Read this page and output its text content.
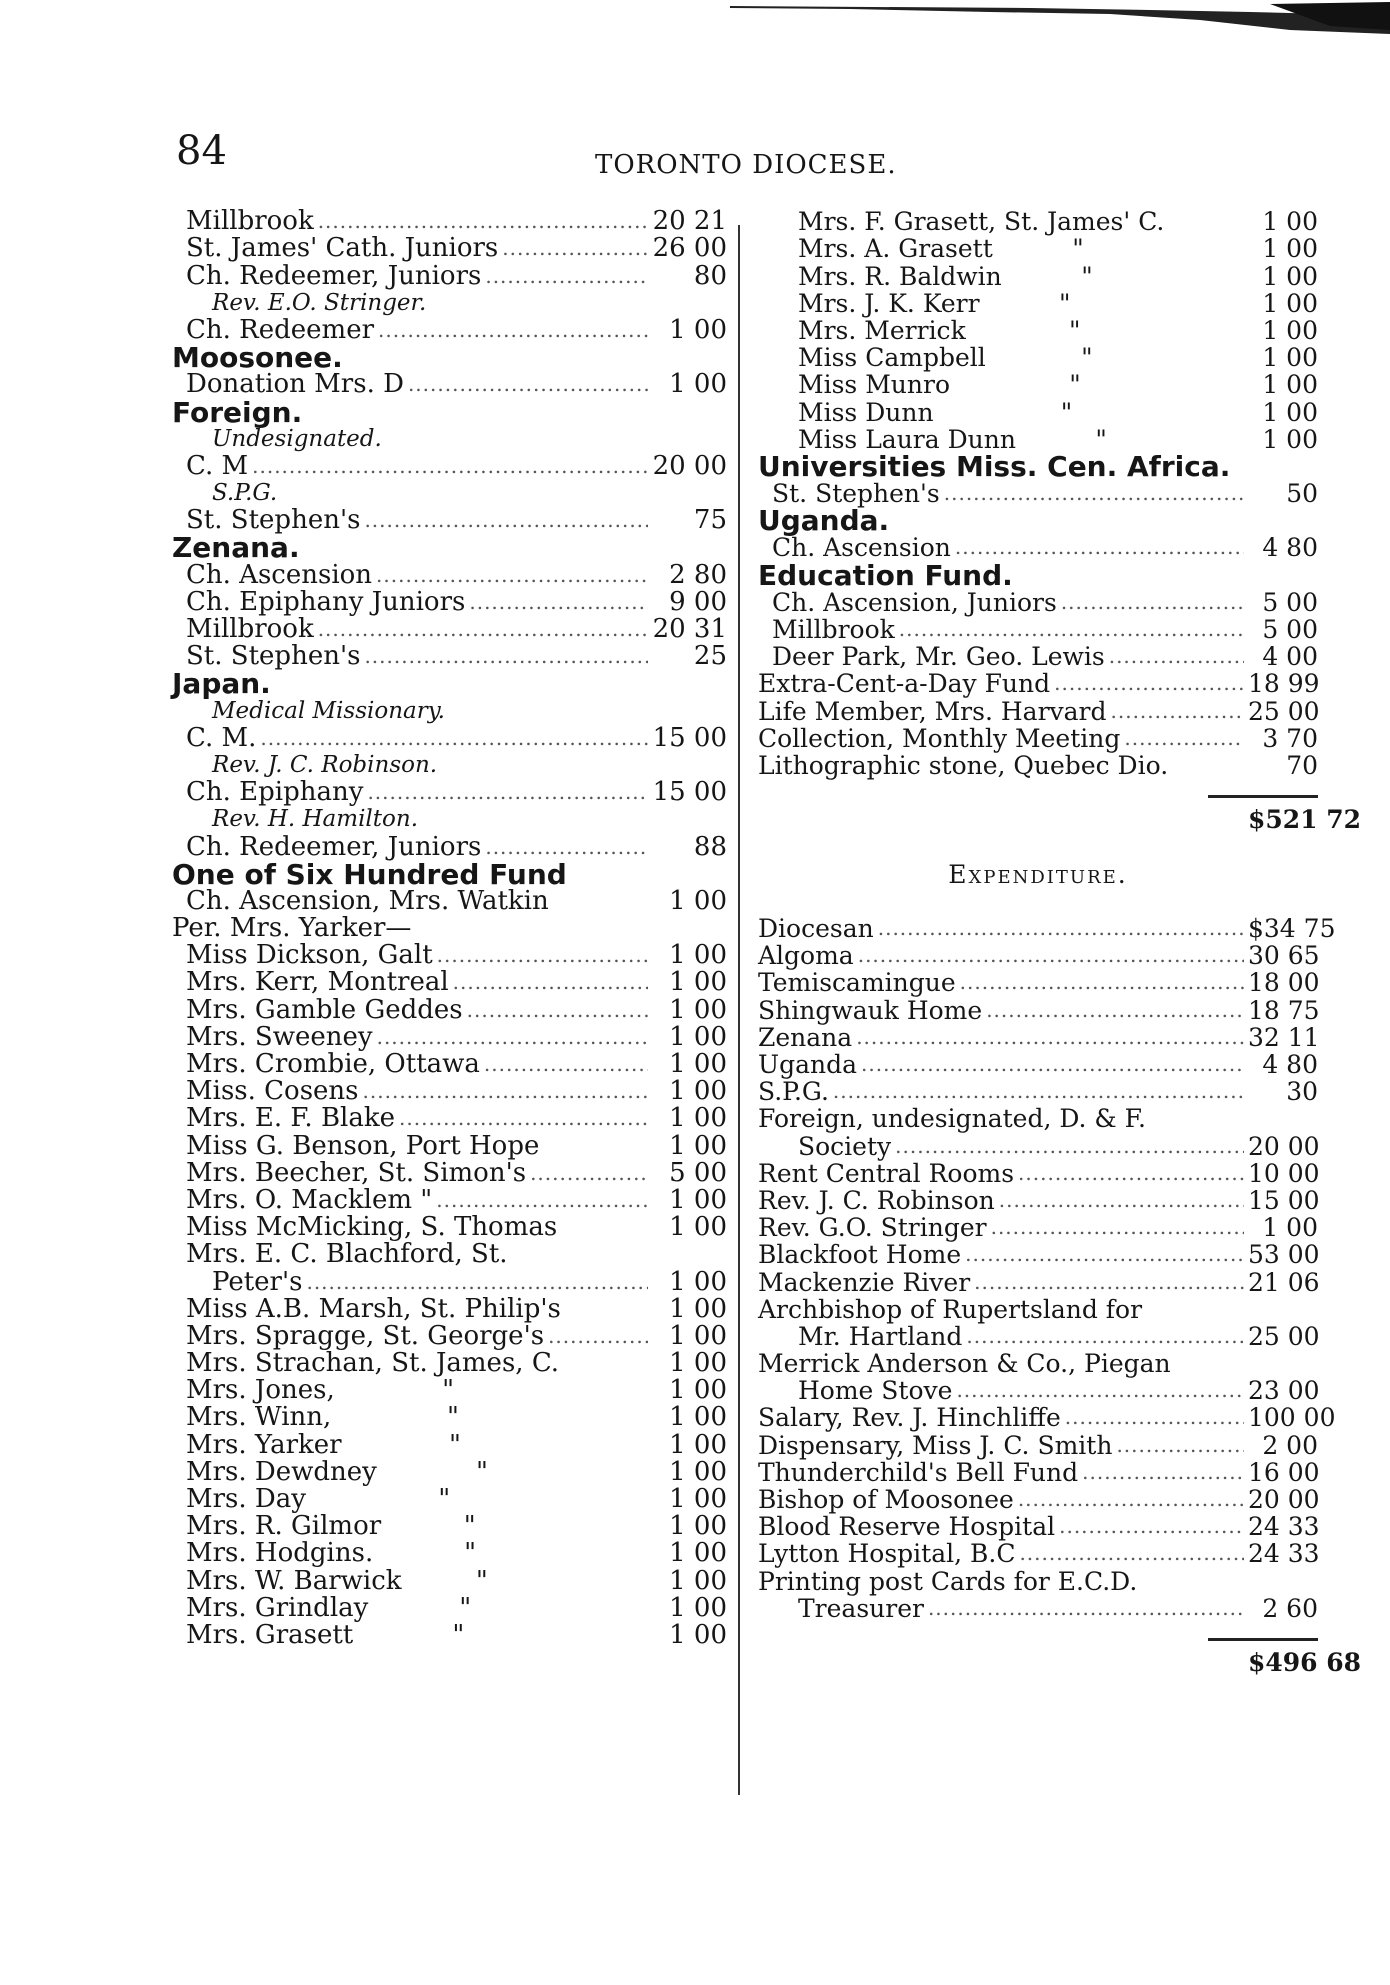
84	TORONTO DIOCESE.
Millbrook .....	20 21
St. James' Cath. Juniors .....	26 00
Ch. Redeemer, Juniors .....	80
Rev. E.O. Stringer.
Ch. Redeemer .....	1 00
Moosonee.
Donation Mrs. D .....	1 00
Foreign.
Undesignated.
C. M .....	20 00
S.P.G.
St. Stephen's .....	75
Zenana.
Ch. Ascension .....	2 80
Ch. Epiphany Juniors .....	9 00
Millbrook .....	20 31
St. Stephen's .....	25
Japan.
Medical Missionary.
C. M. .....	15 00
Rev. J. C. Robinson.
Ch. Epiphany .....	15 00
Rev. H. Hamilton.
Ch. Redeemer, Juniors .....	88
One of Six Hundred Fund
Ch. Ascension, Mrs. Watkin	1 00
Per. Mrs. Yarker—
Miss Dickson, Galt .....	1 00
Mrs. Kerr, Montreal .....	1 00
Mrs. Gamble Geddes .....	1 00
Mrs. Sweeney .....	1 00
Mrs. Crombie, Ottawa .....	1 00
Miss. Cosens .....	1 00
Mrs. E. F. Blake .....	1 00
Miss G. Benson, Port Hope	1 00
Mrs. Beecher, St. Simon's .....	5 00
Mrs. O. Macklem " .....	1 00
Miss McMicking, S. Thomas	1 00
Mrs. E. C. Blachford, St.
Peter's .....	1 00
Miss A.B. Marsh, St. Philip's	1 00
Mrs. Spragge, St. George's .....	1 00
Mrs. Strachan, St. James, C.	1 00
Mrs. Jones,             "	1 00
Mrs. Winn,              "	1 00
Mrs. Yarker             "	1 00
Mrs. Dewdney            "	1 00
Mrs. Day                "	1 00
Mrs. R. Gilmor          "	1 00
Mrs. Hodgins.           "	1 00
Mrs. W. Barwick         "	1 00
Mrs. Grindlay           "	1 00
Mrs. Grasett            "	1 00
Mrs. F. Grasett, St. James' C.	1 00
Mrs. A. Grasett          "	1 00
Mrs. R. Baldwin          "	1 00
Mrs. J. K. Kerr          "	1 00
Mrs. Merrick             "	1 00
Miss Campbell            "	1 00
Miss Munro               "	1 00
Miss Dunn                "	1 00
Miss Laura Dunn          "	1 00
Universities Miss. Cen. Africa.
St. Stephen's .....	50
Uganda.
Ch. Ascension .....	4 80
Education Fund.
Ch. Ascension, Juniors .....	5 00
Millbrook .....	5 00
Deer Park, Mr. Geo. Lewis .....	4 00
Extra-Cent-a-Day Fund .....	18 99
Life Member, Mrs. Harvard .....	25 00
Collection, Monthly Meeting .....	3 70
Lithographic stone, Quebec Dio.	70
$521 72
Expenditure.
Diocesan .....	$34 75
Algoma .....	30 65
Temiscamingue .....	18 00
Shingwauk Home .....	18 75
Zenana .....	32 11
Uganda .....	4 80
S.P.G. .....	30
Foreign, undesignated, D. & F.
Society .....	20 00
Rent Central Rooms .....	10 00
Rev. J. C. Robinson .....	15 00
Rev. G.O. Stringer .....	1 00
Blackfoot Home .....	53 00
Mackenzie River .....	21 06
Archbishop of Rupertsland for
Mr. Hartland .....	25 00
Merrick Anderson & Co., Piegan
Home Stove .....	23 00
Salary, Rev. J. Hinchliffe .....	100 00
Dispensary, Miss J. C. Smith .....	2 00
Thunderchild's Bell Fund .....	16 00
Bishop of Moosonee .....	20 00
Blood Reserve Hospital .....	24 33
Lytton Hospital, B.C .....	24 33
Printing post Cards for E.C.D.
Treasurer .....	2 60
$496 68
